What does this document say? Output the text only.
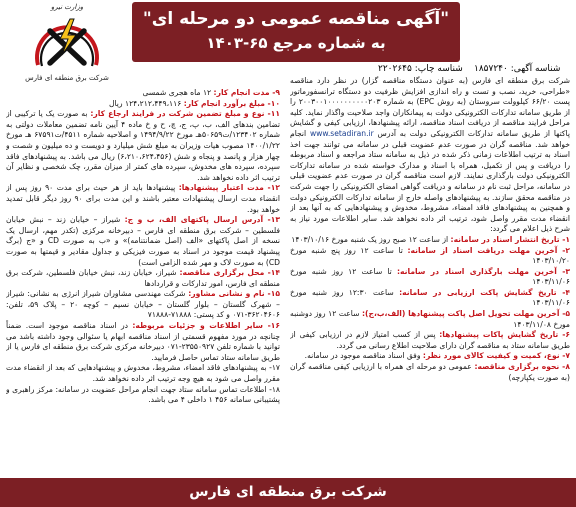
وزارت نیرو
شرکت برق منطقه ای فارس
"آگهی مناقصه عمومی دو مرحله ای"
به شماره مرجع ۶۵-۱۴۰۳
شناسه آگهی: ۱۸۵۷۲۴۰
شناسه چاپ: ۲۲۰۲۶۴۵

شرکت برق منطقه ای فارس (به عنوان دستگاه مناقصه گزار) در نظر دارد مناقصه «طراحی، خرید، نصب و تست و راه اندازی افزایش ظرفیت دو دستگاه ترانسفورماتور پست ۶۶/۲۰ کیلوولت سروستان (به روش EPC) به شماره ۲۰۰۳۰۰۱۰۰۰۰۰۰۰۰۰۰۲۰۳ را از طریق سامانه تدارکات الکترونیکی دولت به پیمانکاران واجد صلاحیت واگذار نماید. کلیه مراحل فرایند مناقصه از دریافت اسناد مناقصه، ارائه پیشنهادها، ارزیابی کیفی و گشایش پاکتها از طریق سامانه تدارکات الکترونیکی دولت به آدرس www.setadiran.ir انجام خواهد شد. مناقصه گران در صورت عدم عضویت قبلی در سامانه می توانند جهت اخذ اسناد به ترتیب اطلاعات زمانی ذکر شده در ذیل به سامانه ستاد مراجعه و اسناد مربوطه را دریافت و پس از تکمیل، همراه با اسناد و مدارک خواسته شده در سامانه تدارکات الکترونیکی دولت بارگذاری نمایند. لازم است مناقصه گران در صورت عدم عضویت قبلی در سامانه، مراحل ثبت نام در سامانه و دریافت گواهی امضای الکترونیکی را جهت شرکت در مناقصه محقق سازند. به پیشنهادهای واصله خارج از سامانه تدارکات الکترونیکی دولت و همچنین به پیشنهادهای فاقد امضاء، مشروط، مخدوش و پیشنهادهایی که به آنها بعد از انقضاء مدت مقرر واصل شود، ترتیب اثر داده نخواهد شد. سایر اطلاعات مورد نیاز به شرح ذیل اعلام می گردد:

۱- تاریخ انتشار اسناد در سامانه: از ساعت ۱۲ صبح روز یک شنبه مورخ ۱۴۰۳/۱۰/۱۶

۲- آخرین مهلت دریافت اسناد از سامانه: تا ساعت ۱۲ روز پنج شنبه مورخ ۱۴۰۳/۱۰/۲۰

۳- آخرین مهلت بارگذاری اسناد در سامانه: تا ساعت ۱۲ روز شنبه مورخ ۱۴۰۳/۱۱/۰۶

۴- تاریخ گشایش پاکت ارزیابی در سامانه: ساعت ۱۲:۳۰ روز شنبه مورخ ۱۴۰۳/۱۱/۰۶

۵- آخرین مهلت تحویل اصل پاکت پیشنهادها (الف،ب،ج): ساعت ۱۲ روز دوشنبه مورخ ۱۴۰۳/۱۱/۰۸

۶- تاریخ گشایش پاکات پیشنهادها: پس از کسب امتیاز لازم در ارزیابی کیفی از طریق سامانه ستاد به مناقصه گران دارای صلاحیت اطلاع رسانی می گردد.

۷- نوع، کمیت و کیفیت کالای مورد نظر: وفق اسناد مناقصه موجود در سامانه.

۸- نحوه برگزاری مناقصه: عمومی دو مرحله ای همراه با ارزیابی کیفی مناقصه گران (به صورت یکپارچه)

۹- مدت انجام کار: ۱۲ ماه هجری شمسی

۱۰- مبلغ برآورد انجام کار: ۱۲۴،۲۱۲،۴۴۹،۱۱۶ ریال

۱۱- نوع و مبلغ تضمین شرکت در فرایند ارجاع کار: به صورت یک یا ترکیبی از تضامین بندهای الف، ب، پ، ج، چ، ح و خ ماده ۴ آیین نامه تضمین معاملات دولتی به شماره ۱۲۳۴۰۲/ت۵۰۶۵۹هـ مورخ ۱۴۹۴/۹/۲۲ و اصلاحیه شماره ۴۵۱۱/ت۶۷۵۹۱ هـ مورخ ۱۴۰۰/۱/۲۲ مصوب هیات وزیران به مبلغ شش میلیارد و دویست و ده میلیون و شصت و چهار هزار و پانصد و پنجاه و شش (۶،۲۱۰،۶۲۴،۴۵۶) ریال می باشد. به پیشنهادهای فاقد سپرده، سپرده های مخدوش، سپرده های کمتر از میزان مقرر، چک شخصی و نظایر آن ترتیب اثر داده نخواهد شد.

۱۲- مدت اعتبار پیشنهادها: پیشنهادها باید از هر حیث برای مدت ۹۰ روز پس از انقضاء مدت ارسال پیشنهادات معتبر باشند و این مدت برای ۹۰ روز دیگر قابل تمدید خواهد بود.

۱۳- آدرس ارسال پاکتهای الف، ب و ج: شیراز – خیابان زند – نبش خیابان فلسطین – شرکت برق منطقه ای فارس – دبیرخانه مرکزی (تکدر مهم، ارسال یک نسخه از اصل پاکتهای «الف (اصل ضمانتنامه)» و «ب به صورت CD و «ج (برگ پیشنهاد قیمت موجود در اسناد به صورت فیزیکی و جداول مقادیر و قیمتها به صورت CD) به صورت لاک و مهر شده الزامی است)

۱۴- محل برگزاری مناقصه: شیراز، خیابان زند، نبش خیابان فلسطین، شرکت برق منطقه ای فارس، امور تدارکات و قراردادها

۱۵- نام و نشانی مشاور: شرکت مهندسی مشاوران شیراز انرژی به نشانی: شیراز – شهرک گلستان – بلوار گلستان – خیابان نسیم – کوچه ۲۰ – پلاک ۵۹، تلفن: ۳۶۲۰۴۶۰۶-۰۷۱ و کد پستی: ۷۱۸۸۸-۷۱۸۸۸

۱۶- سایر اطلاعات و جزئیات مربوطه: در اسناد مناقصه موجود است. ضمناً چنانچه در مورد مفهوم قسمتی از اسناد مناقصه ابهام یا سئوالی وجود داشته باشد می توانید با شماره تلفن ۲۳۵۵۰۹۲۷-۰۷۱ دبیرخانه مرکزی شرکت برق منطقه ای فارس یا از طریق سامانه ستاد تماس حاصل فرمایید.

۱۷- به پیشنهادهای فاقد امضاء، مشروط، مخدوش و پیشنهادهایی که بعد از انقضاء مدت مقرر واصل می شود به هیچ وجه ترتیب اثر داده نخواهد شد.

۱۸- اطلاعات تماس سامانه ستاد جهت انجام مراحل عضویت در سامانه: مرکز راهبری و پشتیبانی سامانه ۴۵۶ ۱ داخلی ۴ می باشد.

شرکت برق منطقه ای فارس
